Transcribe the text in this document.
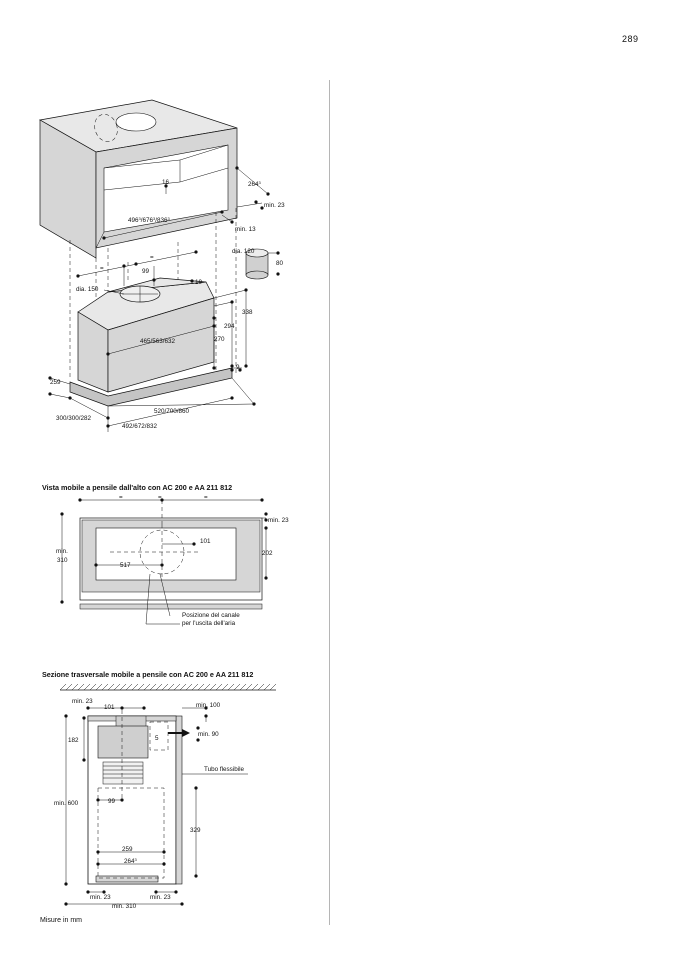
289
Vista mobile a pensile dall'alto con AC 200 e AA 211 812
Sezione trasversale mobile a pensile con AC 200 e AA 211 812
Misure in mm
$496^3/676^3/836^3$
16	$264^3$
min. 23
min. 13
=
=
99
dia. 150
19
338
294
270
465/563/632
9
259
300/300/282
492/672/832
520/700/860
dia. 120
80
=	=	=
min.
310
min. 23
202
101
517
Posizione del canale
per l'uscita dell'aria
min. 23
101	min. 100
182
min. 90
5
Tubo flessibile
min. 600	99
329
259
$264^3$
min. 23	min. 23
min. 310
